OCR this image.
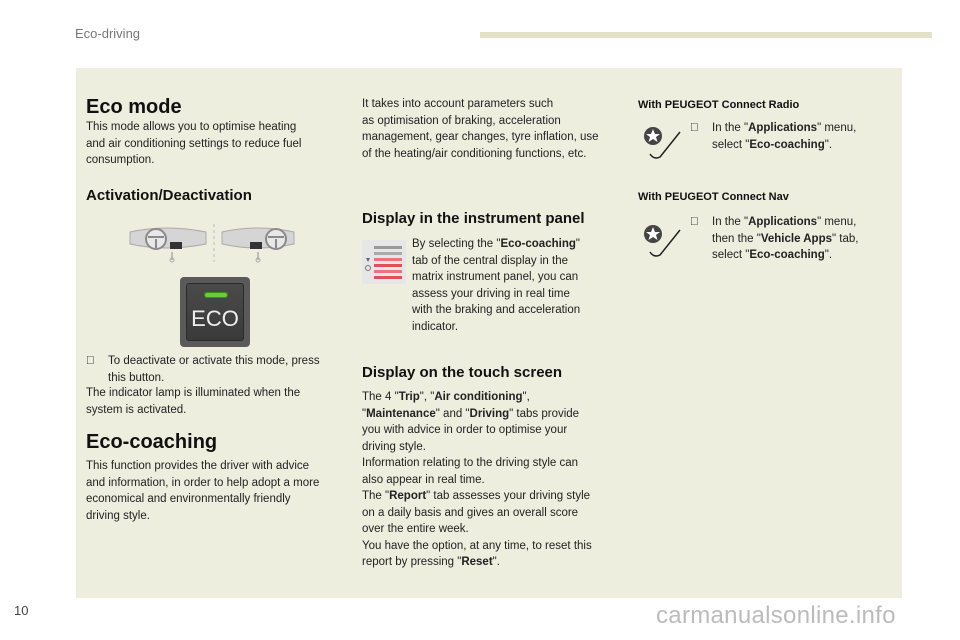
Eco-driving
Eco mode
This mode allows you to optimise heating
and air conditioning settings to reduce fuel
consumption.
Activation/Deactivation
ECO
To deactivate or activate this mode, press
this button.
The indicator lamp is illuminated when the
system is activated.
Eco-coaching
This function provides the driver with advice
and information, in order to help adopt a more
economical and environmentally friendly
driving style.
It takes into account parameters such
as optimisation of braking, acceleration
management, gear changes, tyre inflation, use
of the heating/air conditioning functions, etc.
Display in the instrument panel
By selecting the "Eco-coaching"
tab of the central display in the
matrix instrument panel, you can
assess your driving in real time
with the braking and acceleration
indicator.
Display on the touch screen
The 4 "Trip", "Air conditioning",
"Maintenance" and "Driving" tabs provide
you with advice in order to optimise your
driving style.
Information relating to the driving style can
also appear in real time.
The "Report" tab assesses your driving style
on a daily basis and gives an overall score
over the entire week.
You have the option, at any time, to reset this
report by pressing "Reset".
With PEUGEOT Connect Radio
In the "Applications" menu,
select "Eco-coaching".
With PEUGEOT Connect Nav
In the "Applications" menu,
then the "Vehicle Apps" tab,
select "Eco-coaching".
10	carmanualsonline.info
